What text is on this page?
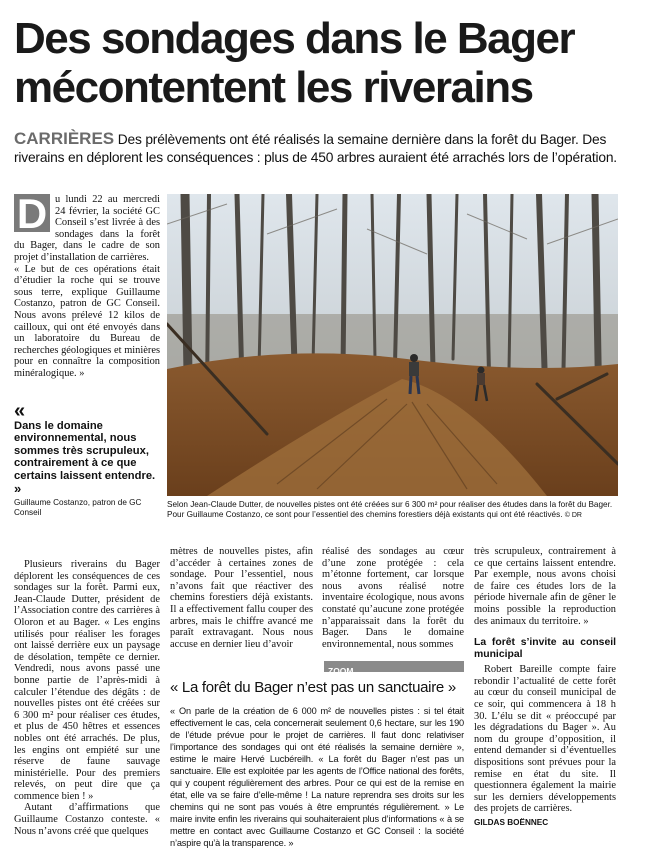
Des sondages dans le Bager
mécontentent les riverains
CARRIÈRES Des prélèvements ont été réalisés la semaine dernière dans la forêt du Bager. Des riverains en déplorent les conséquences : plus de 450 arbres auraient été arrachés lors de l’opération.
D u lundi 22 au mercredi 24 février, la société GC Conseil s’est livrée à des sondages dans la forêt du Bager, dans le cadre de son projet d’installation de carrières.

« Le but de ces opérations était d’étudier la roche qui se trouve sous terre, explique Guillaume Costanzo, patron de GC Conseil. Nous avons prélevé 12 kilos de cailloux, qui ont été envoyés dans un laboratoire du Bureau de recherches géologiques et minières pour en connaître la composition minéralogique. »

«
Dans le domaine environnemental, nous sommes très scrupuleux, contrairement à ce que certains laissent entendre. »
Guillaume Costanzo, patron de GC Conseil
Selon Jean-Claude Dutter, de nouvelles pistes ont été créées sur 6 300 m² pour réaliser des études dans la forêt du Bager. Pour Guillaume Costanzo, ce sont pour l’essentiel des chemins forestiers déjà existants qui ont été réactivés. © DR

Plusieurs riverains du Bager déplorent les conséquences de ces sondages sur la forêt. Parmi eux, Jean-Claude Dutter, président de l’Association contre des carrières à Oloron et au Bager. « Les engins utilisés pour réaliser les forages ont laissé derrière eux un paysage de désolation, tempête ce dernier. Vendredi, nous avons passé une bonne partie de l’après-midi à calculer l’étendue des dégâts : de nouvelles pistes ont été créées sur 6 300 m² pour réaliser ces études, et plus de 450 hêtres et essences nobles ont été arrachés. De plus, les engins ont empiété sur une réserve de faune sauvage ministérielle. Pour des premiers relevés, on peut dire que ça commence bien ! »

Autant d’affirmations que Guillaume Costanzo conteste. « Nous n’avons créé que quelques

mètres de nouvelles pistes, afin d’accéder à certaines zones de sondage. Pour l’essentiel, nous n’avons fait que réactiver des chemins forestiers déjà existants. Il a effectivement fallu couper des arbres, mais le chiffre avancé me paraît extravagant. Nous nous accuse en dernier lieu d’avoir

réalisé des sondages au cœur d’une zone protégée : cela m’étonne fortement, car lorsque nous avons réalisé notre inventaire écologique, nous avons constaté qu’aucune zone protégée n’apparaissait dans la forêt du Bager. Dans le domaine environnemental, nous sommes

ZOOM
« La forêt du Bager n’est pas un sanctuaire »
« On parle de la création de 6 000 m² de nouvelles pistes : si tel était effectivement le cas, cela concernerait seulement 0,6 hectare, sur les 190 de l’étude prévue pour le projet de carrières. Il faut donc relativiser l’importance des sondages qui ont été réalisés la semaine dernière », estime le maire Hervé Lucbéreilh. « La forêt du Bager n’est pas un sanctuaire. Elle est exploitée par les agents de l’Office national des forêts, qui y coupent régulièrement des arbres. Pour ce qui est de la remise en état, elle va se faire d’elle-même ! La nature reprendra ses droits sur les chemins qui ne sont pas voués à être empruntés régulièrement. » Le maire invite enfin les riverains qui souhaiteraient plus d’informations « à se mettre en contact avec Guillaume Costanzo et GC Conseil : la société n’aspire qu’à la transparence. »

très scrupuleux, contrairement à ce que certains laissent entendre. Par exemple, nous avons choisi de faire ces études lors de la période hivernale afin de gêner le moins possible la reproduction des animaux du territoire. »

La forêt s’invite au conseil municipal

Robert Bareille compte faire rebondir l’actualité de cette forêt au cœur du conseil municipal de ce soir, qui commencera à 18 h 30. L’élu se dit « préoccupé par les dégradations du Bager ». Au nom du groupe d’opposition, il entend demander si d’éventuelles dispositions sont prévues pour la remise en état du site. Il questionnera également la mairie sur les derniers développements des projets de carrières.

GILDAS BOËNNEC
